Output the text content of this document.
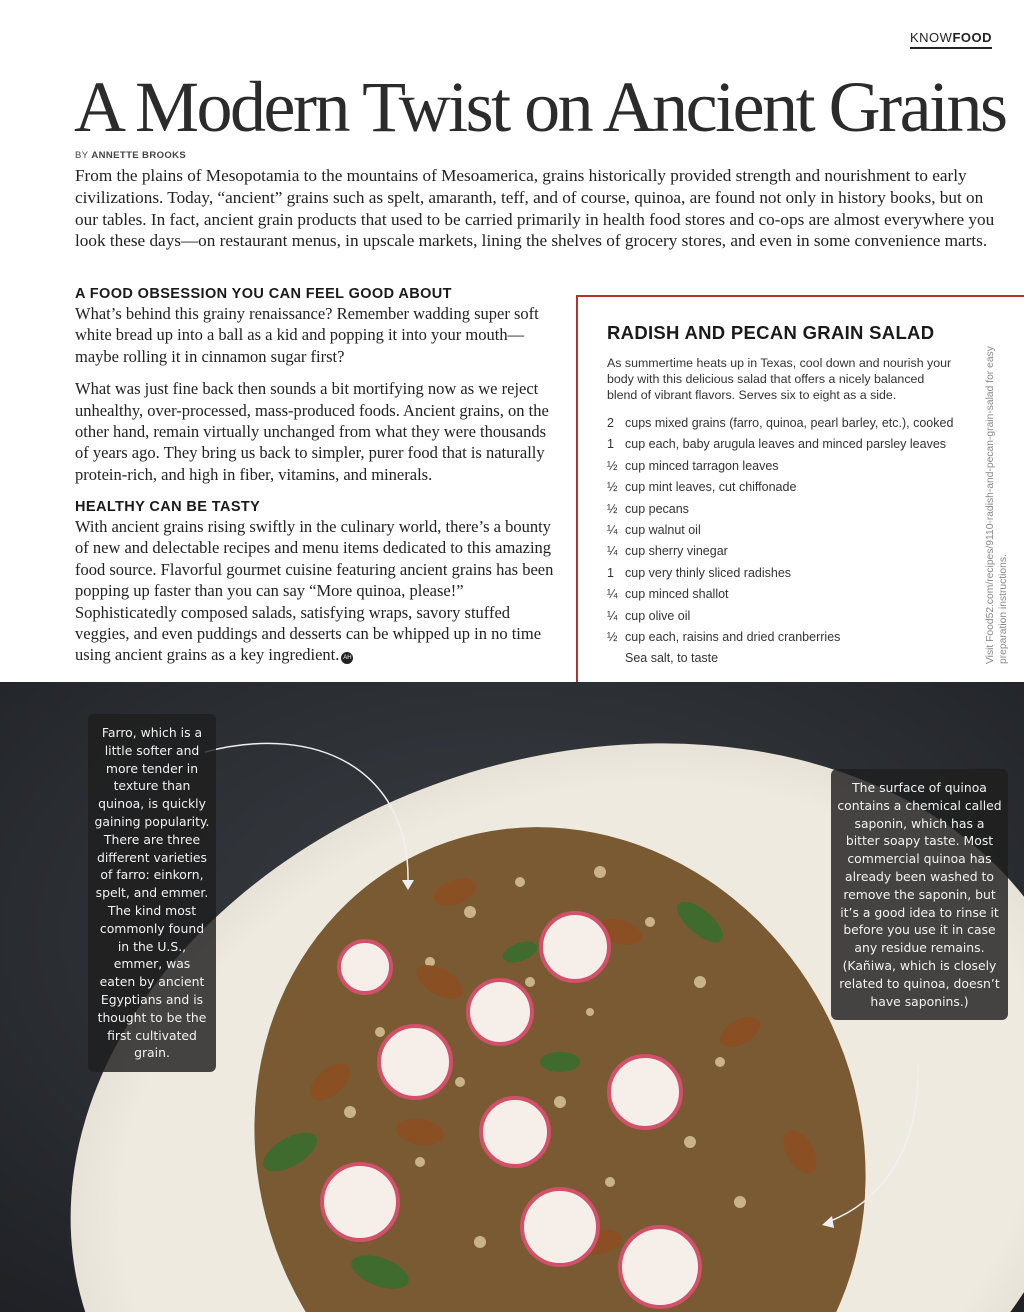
KNOWFOOD
A Modern Twist on Ancient Grains
BY ANNETTE BROOKS

From the plains of Mesopotamia to the mountains of Mesoamerica, grains historically provided strength and nourishment to early civilizations. Today, “ancient” grains such as spelt, amaranth, teff, and of course, quinoa, are found not only in history books, but on our tables. In fact, ancient grain products that used to be carried primarily in health food stores and co-ops are almost everywhere you look these days—on restaurant menus, in upscale markets, lining the shelves of grocery stores, and even in some convenience marts.

A FOOD OBSESSION YOU CAN FEEL GOOD ABOUT

What’s behind this grainy renaissance? Remember wadding super soft white bread up into a ball as a kid and popping it into your mouth—maybe rolling it in cinnamon sugar first?

What was just fine back then sounds a bit mortifying now as we reject unhealthy, over-processed, mass-produced foods. Ancient grains, on the other hand, remain virtually unchanged from what they were thousands of years ago. They bring us back to simpler, purer food that is naturally protein-rich, and high in fiber, vitamins, and minerals.

HEALTHY CAN BE TASTY

With ancient grains rising swiftly in the culinary world, there’s a bounty of new and delectable recipes and menu items dedicated to this amazing food source. Flavorful gourmet cuisine featuring ancient grains has been popping up faster than you can say “More quinoa, please!” Sophisticatedly composed salads, satisfying wraps, savory stuffed veggies, and even puddings and desserts can be whipped up in no time using ancient grains as a key ingredient. AH

RADISH AND PECAN GRAIN SALAD

As summertime heats up in Texas, cool down and nourish your body with this delicious salad that offers a nicely balanced blend of vibrant flavors. Serves six to eight as a side.

2 cups mixed grains (farro, quinoa, pearl barley, etc.), cooked
1 cup each, baby arugula leaves and minced parsley leaves
½ cup minced tarragon leaves
½ cup mint leaves, cut chiffonade
½ cup pecans
¼ cup walnut oil
¼ cup sherry vinegar
1 cup very thinly sliced radishes
¼ cup minced shallot
¼ cup olive oil
½ cup each, raisins and dried cranberries
Sea salt, to taste	Visit Food52.com/recipes/9110-radish-and-pecan-grain-salad for easy preparation instructions.

Farro, which is a little softer and more tender in texture than quinoa, is quickly gaining popularity. There are three different varieties of farro: einkorn, spelt, and emmer. The kind most commonly found in the U.S., emmer, was eaten by ancient Egyptians and is thought to be the first cultivated grain.

The surface of quinoa contains a chemical called saponin, which has a bitter soapy taste. Most commercial quinoa has already been washed to remove the saponin, but it’s a good idea to rinse it before you use it in case any residue remains. (Kañiwa, which is closely related to quinoa, doesn’t have saponins.)
